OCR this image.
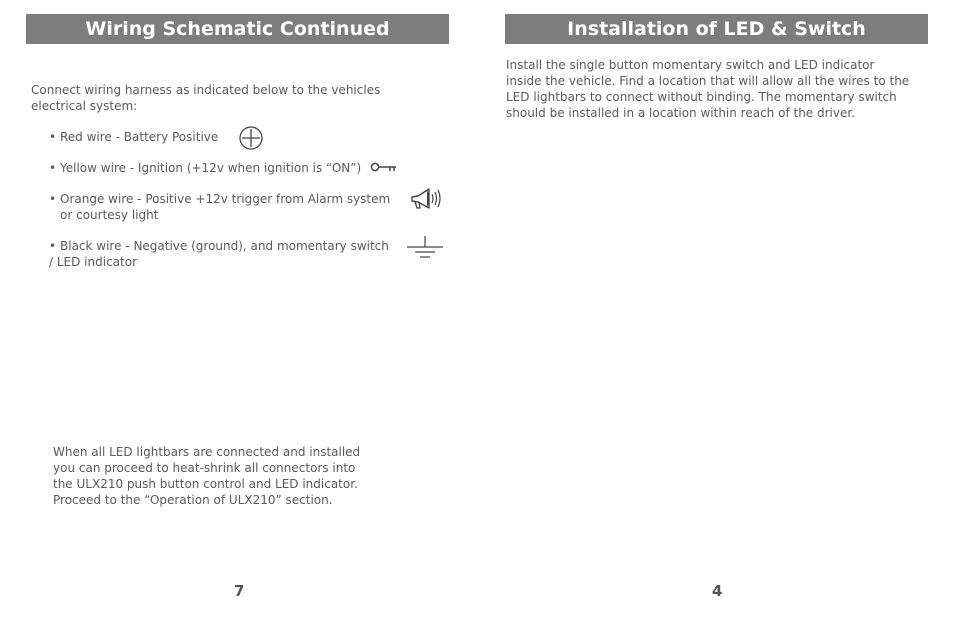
Wiring Schematic Continued

Connect wiring harness as indicated below to the vehicles electrical system:

• Red wire - Battery Positive
• Yellow wire - Ignition (+12v when ignition is “ON”)
• Orange wire - Positive +12v trigger from Alarm system
or courtesy light
• Black wire - Negative (ground), and momentary switch
/ LED indicator

When all LED lightbars are connected and installed
you can proceed to heat-shrink all connectors into
the ULX210 push button control and LED indicator.
Proceed to the “Operation of ULX210” section.

7
Installation of LED & Switch

Install the single button momentary switch and LED indicator
inside the vehicle. Find a location that will allow all the wires to the
LED lightbars to connect without binding. The momentary switch
should be installed in a location within reach of the driver.

4
